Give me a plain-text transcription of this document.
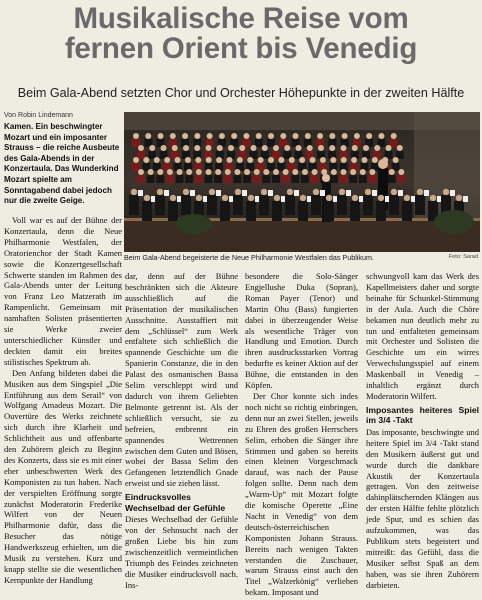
Musikalische Reise vom
fernen Orient bis Venedig
Beim Gala-Abend setzten Chor und Orchester Höhepunkte in der zweiten Hälfte
Von Robin Lindemann
Kamen. Ein beschwingter Mozart und ein imposanter Strauss – die reiche Ausbeute des Gala-Abends in der Konzertaula. Das Wunderkind Mozart spielte am Sonntagabend dabei jedoch nur die zweite Geige.
Beim Gala-Abend begeisterte die Neue Philharmonie Westfalen das Publikum.	Foto: Sarad

Voll war es auf der Bühne der Konzertaula, denn die Neue Philharmonie Westfalen, der Oratorienchor der Stadt Kamen sowie die Konzertgesellschaft Schwerte standen im Rahmen des Gala-Abends unter der Leitung von Franz Leo Matzerath im Rampenlicht. Gemeinsam mit namhaften Solisten präsentierten sie Werke zweier unterschiedlicher Künstler und deckten damit ein breites stilistisches Spektrum ab.

Den Anfang bildeten dabei die Musiken aus dem Singspiel „Die Entführung aus dem Serail“ von Wolfgang Amadeus Mozart. Die Ouvertüre des Werks zeichnete sich durch ihre Klarheit und Schlichtheit aus und offenbarte den Zuhörern gleich zu Beginn des Konzerts, dass sie es mit einer eher unbeschwerten Werk des Komponisten zu tun haben. Nach der verspielten Eröffnung sorgte zunächst Moderatorin Frederike Wilfert von der Neuen Philharmonie dafür, dass die Besucher das nötige Handwerkszeug erhielten, um die Musik zu verstehen. Kurz und knapp stellte sie die wesentlichen Kernpunkte der Handlung

dar, denn auf der Bühne beschränkten sich die Akteure ausschließlich auf die Präsentation der musikalischen Ausschnitte. Ausstaffiert mit dem „Schlüssel“ zum Werk entfaltete sich schließlich die spannende Geschichte um die Spanierin Constanze, die in den Palast des osmanischen Bassa Selim verschleppt wird und dadurch von ihrem Geliebten Belmonte getrennt ist. Als der schließlich versucht, sie zu befreien, entbrennt ein spannendes Wettrennen zwischen dem Guten und Bösen, wobei der Bassa Selim den Gefangenen letztendlich Gnade erweist und sie ziehen lässt.

Eindrucksvolles Wechselbad der Gefühle

Dieses Wechselbad der Gefühle von der Sehnsucht nach der großen Liebe bis hin zum zwischenzeitlich vermeintlichen Triumph des Feindes zeichneten die Musiker eindrucksvoll nach. Ins-

besondere die Solo-Sänger Engjellushe Duka (Sopran), Roman Payer (Tenor) und Martin Ohu (Bass) fungierten dabei in überzeugender Weise als wesentliche Träger von Handlung und Emotion. Durch ihren ausdrucksstarken Vortrag bedurfte es keiner Aktion auf der Bühne, die entstanden in den Köpfen.

Der Chor konnte sich indes noch nicht so richtig einbringen, denn nur an zwei Stellen, jeweils zu Ehren des großen Herrschers Selim, erhoben die Sänger ihre Stimmen und gaben so bereits einen kleinen Vorgeschmack darauf, was nach der Pause folgen sollte. Denn nach dem „Warm-Up“ mit Mozart folgte die komische Operette „Eine Nacht in Venedig“ von dem deutsch-österreichischen Komponisten Johann Strauss. Bereits nach wenigen Takten verstanden die Zuschauer, warum Strauss einst auch den Titel „Walzerkönig“ verliehen bekam. Imposant und

schwungvoll kam das Werk des Kapellmeisters daher und sorgte beinahe für Schunkel-Stimmung in der Aula. Auch die Chöre bekamen nun deutlich mehr zu tun und entfalteten gemeinsam mit Orchester und Solisten die Geschichte um ein wirres Verwechslungsspiel auf einem Maskenball in Venedig – inhaltlich ergänzt durch Moderatorin Wilfert.

Imposantes heiteres Spiel im 3/4 -Takt

Das imposante, beschwingte und heitere Spiel im 3/4 -Takt stand den Musikern äußerst gut und wurde durch die dankbare Akustik der Konzertaula getragen. Von den zeitweise dahinplätschernden Klängen aus der ersten Hälfte fehlte plötzlich jede Spur, und es schien das aufzukommen, was das Publikum stets begeistert und mitreißt: das Gefühl, dass die Musiker selbst Spaß an dem haben, was sie ihren Zuhörern darbieten.
